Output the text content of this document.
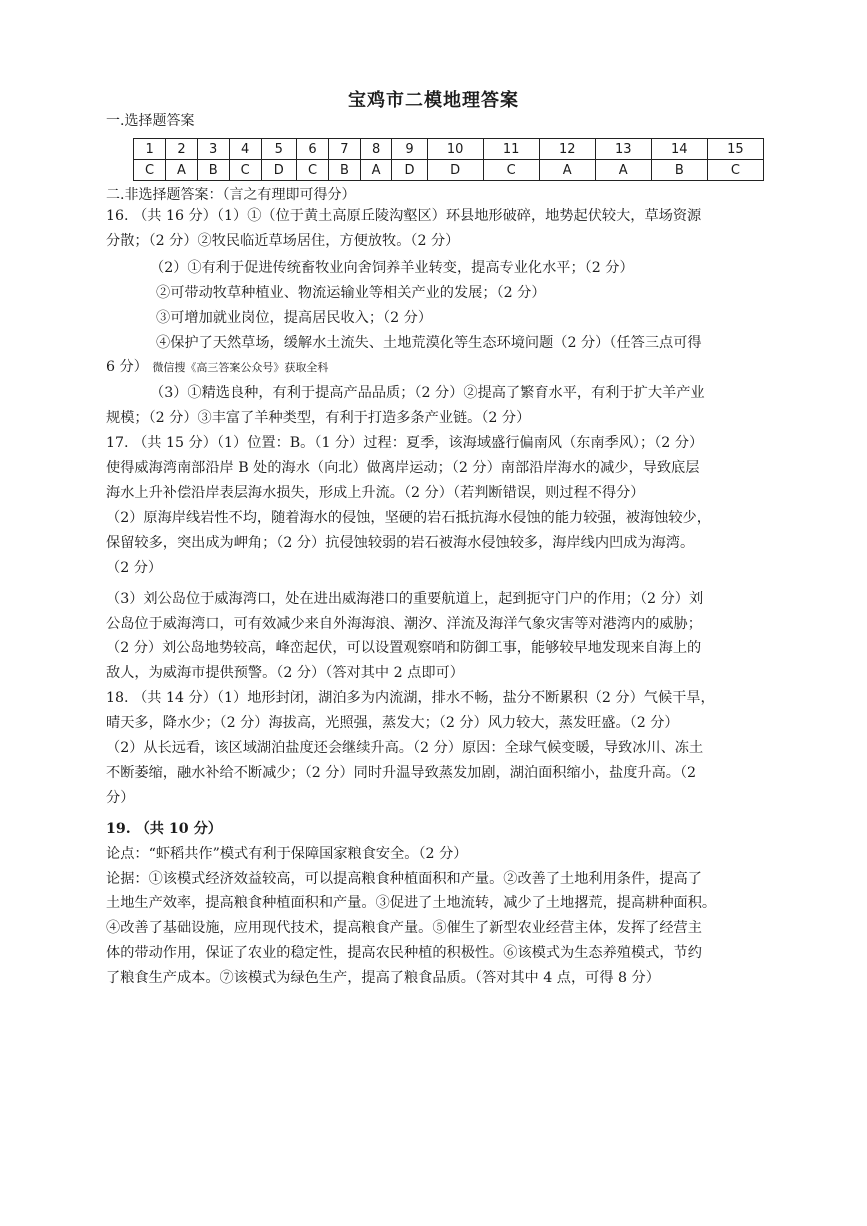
宝鸡市二模地理答案
一.选择题答案
1	2	3	4	5	6	7	8	9	10	11	12	13	14	15
C	A	B	C	D	C	B	A	D	D	C	A	A	B	C
二.非选择题答案：（言之有理即可得分）

16. （共 16 分）（1）①（位于黄土高原丘陵沟壑区）环县地形破碎，地势起伏较大，草场资源

分散；（2 分）②牧民临近草场居住，方便放牧。（2 分）

（2）①有利于促进传统畜牧业向舍饲养羊业转变，提高专业化水平；（2 分）

②可带动牧草种植业、物流运输业等相关产业的发展；（2 分）

③可增加就业岗位，提高居民收入；（2 分）

④保护了天然草场，缓解水土流失、土地荒漠化等生态环境问题（2 分）（任答三点可得

6 分） 微信搜《高三答案公众号》获取全科

（3）①精选良种，有利于提高产品品质；（2 分）②提高了繁育水平，有利于扩大羊产业

规模；（2 分）③丰富了羊种类型，有利于打造多条产业链。（2 分）

17. （共 15 分）（1）位置：B。（1 分）过程：夏季，该海域盛行偏南风（东南季风）；（2 分）

使得威海湾南部沿岸 B 处的海水（向北）做离岸运动；（2 分）南部沿岸海水的减少，导致底层

海水上升补偿沿岸表层海水损失，形成上升流。（2 分）（若判断错误，则过程不得分）

（2）原海岸线岩性不均，随着海水的侵蚀，坚硬的岩石抵抗海水侵蚀的能力较强，被海蚀较少，

保留较多，突出成为岬角；（2 分）抗侵蚀较弱的岩石被海水侵蚀较多，海岸线内凹成为海湾。

（2 分）

（3）刘公岛位于威海湾口，处在进出威海港口的重要航道上，起到扼守门户的作用；（2 分）刘

公岛位于威海湾口，可有效减少来自外海海浪、潮汐、洋流及海洋气象灾害等对港湾内的威胁；

（2 分）刘公岛地势较高，峰峦起伏，可以设置观察哨和防御工事，能够较早地发现来自海上的

敌人，为威海市提供预警。（2 分）（答对其中 2 点即可）

18. （共 14 分）（1）地形封闭，湖泊多为内流湖，排水不畅，盐分不断累积（2 分）气候干旱，

晴天多，降水少；（2 分）海拔高，光照强，蒸发大；（2 分）风力较大，蒸发旺盛。（2 分）

（2）从长远看，该区域湖泊盐度还会继续升高。（2 分）原因：全球气候变暖，导致冰川、冻土

不断萎缩，融水补给不断减少；（2 分）同时升温导致蒸发加剧，湖泊面积缩小，盐度升高。（2

分）

19. （共 10 分）

论点：“虾稻共作”模式有利于保障国家粮食安全。（2 分）

论据：①该模式经济效益较高，可以提高粮食种植面积和产量。②改善了土地利用条件，提高了

土地生产效率，提高粮食种植面积和产量。③促进了土地流转，减少了土地撂荒，提高耕种面积。

④改善了基础设施，应用现代技术，提高粮食产量。⑤催生了新型农业经营主体，发挥了经营主

体的带动作用，保证了农业的稳定性，提高农民种植的积极性。⑥该模式为生态养殖模式，节约

了粮食生产成本。⑦该模式为绿色生产，提高了粮食品质。（答对其中 4 点，可得 8 分）
